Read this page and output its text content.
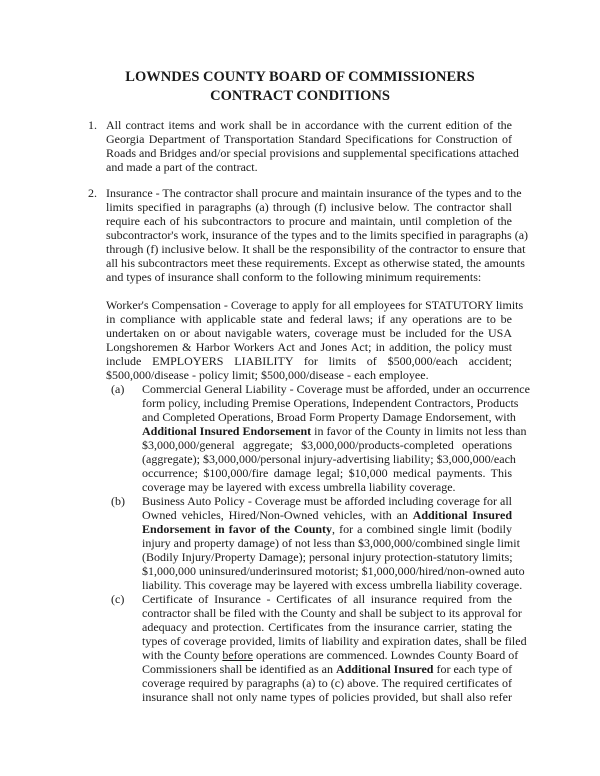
LOWNDES COUNTY BOARD OF COMMISSIONERS
CONTRACT CONDITIONS
1. All contract items and work shall be in accordance with the current edition of the
Georgia Department of Transportation Standard Specifications for Construction of
Roads and Bridges and/or special provisions and supplemental specifications attached
and made a part of the contract.
2. Insurance - The contractor shall procure and maintain insurance of the types and to the
limits specified in paragraphs (a) through (f) inclusive below. The contractor shall
require each of his subcontractors to procure and maintain, until completion of the
subcontractor's work, insurance of the types and to the limits specified in paragraphs (a)
through (f) inclusive below. It shall be the responsibility of the contractor to ensure that
all his subcontractors meet these requirements. Except as otherwise stated, the amounts
and types of insurance shall conform to the following minimum requirements:
Worker's Compensation - Coverage to apply for all employees for STATUTORY limits
in compliance with applicable state and federal laws; if any operations are to be
undertaken on or about navigable waters, coverage must be included for the USA
Longshoremen & Harbor Workers Act and Jones Act; in addition, the policy must
include EMPLOYERS LIABILITY for limits of $500,000/each accident;
$500,000/disease - policy limit; $500,000/disease - each employee.
(a) Commercial General Liability - Coverage must be afforded, under an occurrence
form policy, including Premise Operations, Independent Contractors, Products
and Completed Operations, Broad Form Property Damage Endorsement, with
Additional Insured Endorsement in favor of the County in limits not less than
$3,000,000/general aggregate; $3,000,000/products-completed operations
(aggregate); $3,000,000/personal injury-advertising liability; $3,000,000/each
occurrence; $100,000/fire damage legal; $10,000 medical payments. This
coverage may be layered with excess umbrella liability coverage.
(b) Business Auto Policy - Coverage must be afforded including coverage for all
Owned vehicles, Hired/Non-Owned vehicles, with an Additional Insured
Endorsement in favor of the County, for a combined single limit (bodily
injury and property damage) of not less than $3,000,000/combined single limit
(Bodily Injury/Property Damage); personal injury protection-statutory limits;
$1,000,000 uninsured/underinsured motorist; $1,000,000/hired/non-owned auto
liability. This coverage may be layered with excess umbrella liability coverage.
(c) Certificate of Insurance - Certificates of all insurance required from the
contractor shall be filed with the County and shall be subject to its approval for
adequacy and protection. Certificates from the insurance carrier, stating the
types of coverage provided, limits of liability and expiration dates, shall be filed
with the County before operations are commenced. Lowndes County Board of
Commissioners shall be identified as an Additional Insured for each type of
coverage required by paragraphs (a) to (c) above. The required certificates of
insurance shall not only name types of policies provided, but shall also refer
